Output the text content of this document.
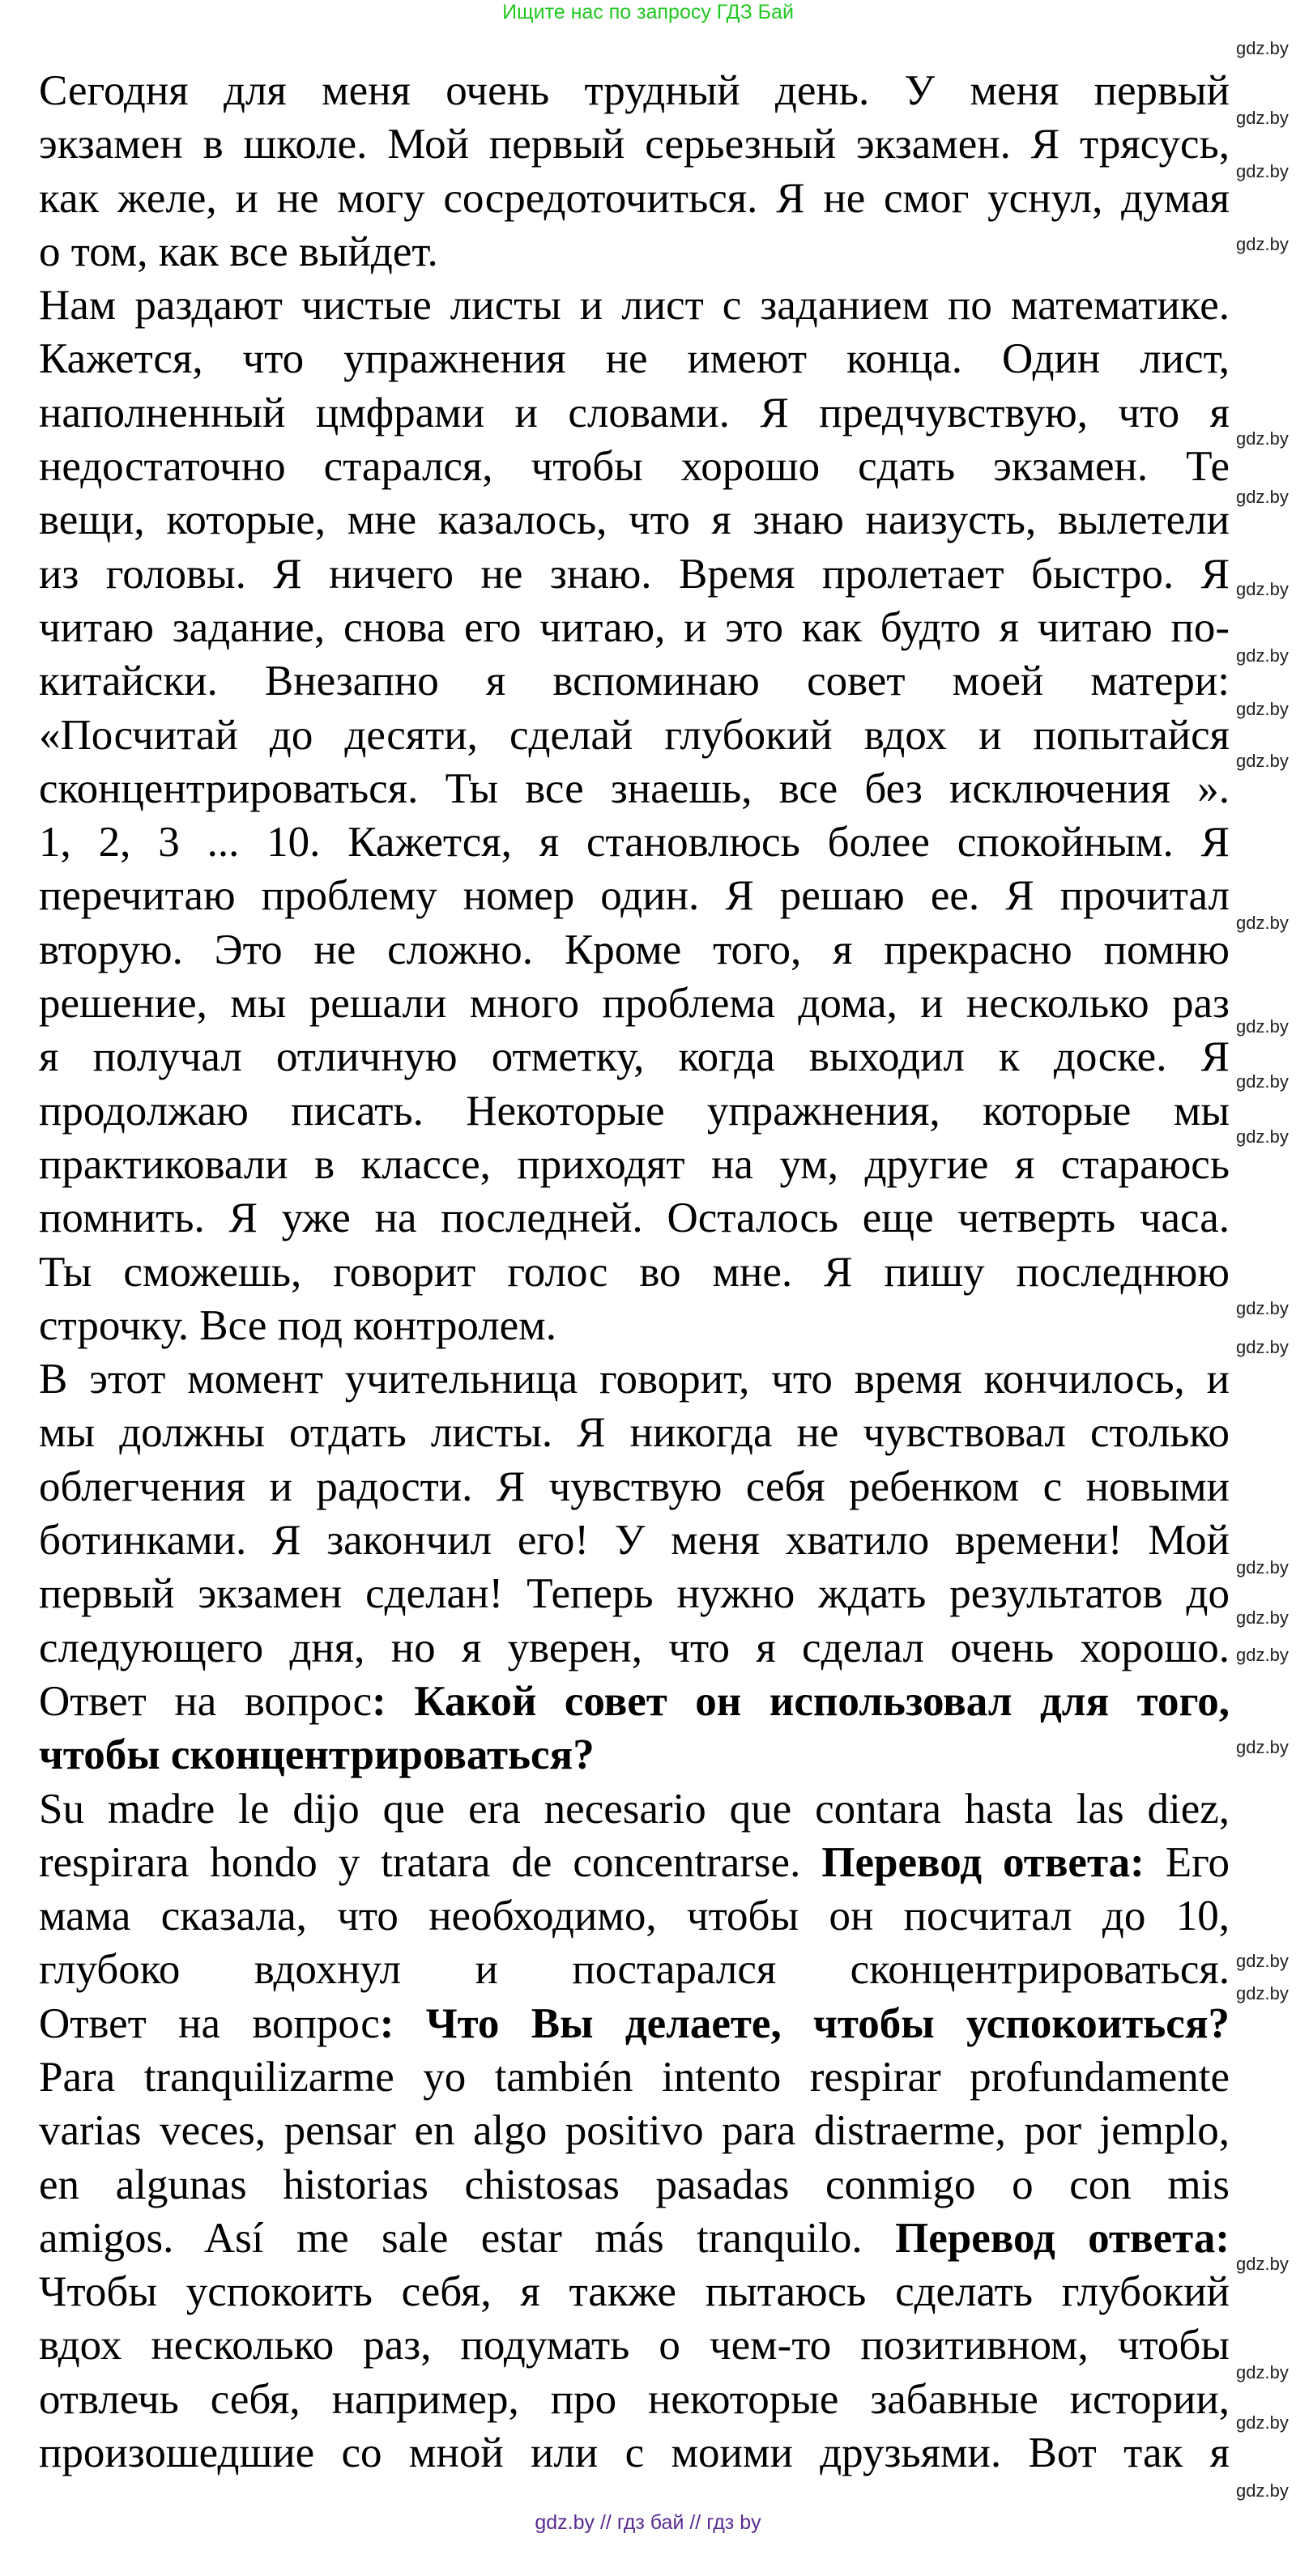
Ищите нас по запросу ГДЗ Бай
Сегодня для меня очень трудный день. У меня первый
экзамен в школе. Мой первый серьезный экзамен. Я трясусь,
как желе, и не могу сосредоточиться. Я не смог уснул, думая
о том, как все выйдет.
Нам раздают чистые листы и лист с заданием по математике.
Кажется, что упражнения не имеют конца. Один лист,
наполненный цмфрами и словами. Я предчувствую, что я
недостаточно старался, чтобы хорошо сдать экзамен. Те
вещи, которые, мне казалось, что я знаю наизусть, вылетели
из головы. Я ничего не знаю. Время пролетает быстро. Я
читаю задание, снова его читаю, и это как будто я читаю по-
китайски. Внезапно я вспоминаю совет моей матери:
«Посчитай до десяти, сделай глубокий вдох и попытайся
сконцентрироваться. Ты все знаешь, все без исключения ».
1, 2, 3 ... 10. Кажется, я становлюсь более спокойным. Я
перечитаю проблему номер один. Я решаю ее. Я прочитал
вторую. Это не сложно. Кроме того, я прекрасно помню
решение, мы решали много проблема дома, и несколько раз
я получал отличную отметку, когда выходил к доске. Я
продолжаю писать. Некоторые упражнения, которые мы
практиковали в классе, приходят на ум, другие я стараюсь
помнить. Я уже на последней. Осталось еще четверть часа.
Ты сможешь, говорит голос во мне. Я пишу последнюю
строчку. Все под контролем.
В этот момент учительница говорит, что время кончилось, и
мы должны отдать листы. Я никогда не чувствовал столько
облегчения и радости. Я чувствую себя ребенком с новыми
ботинками. Я закончил его! У меня хватило времени! Мой
первый экзамен сделан! Теперь нужно ждать результатов до
следующего дня, но я уверен, что я сделал очень хорошо.
Ответ на вопрос: Какой совет он использовал для того,
чтобы сконцентрироваться?
Su madre le dijo que era necesario que contara hasta las diez,
respirara hondo y tratara de concentrarse. Перевод ответа: Его
мама сказала, что необходимо, чтобы он посчитал до 10,
глубоко вдохнул и постарался сконцентрироваться.
Ответ на вопрос: Что Вы делаете, чтобы успокоиться?
Para tranquilizarme yo también intento respirar profundamente
varias veces, pensar en algo positivo para distraerme, por jemplo,
en algunas historias chistosas pasadas conmigo o con mis
amigos. Así me sale estar más tranquilo. Перевод ответа:
Чтобы успокоить себя, я также пытаюсь сделать глубокий
вдох несколько раз, подумать о чем-то позитивном, чтобы
отвлечь себя, например, про некоторые забавные истории,
произошедшие со мной или с моими друзьями. Вот так я
gdz.by
gdz.by
gdz.by
gdz.by
gdz.by
gdz.by
gdz.by
gdz.by
gdz.by
gdz.by
gdz.by
gdz.by
gdz.by
gdz.by
gdz.by
gdz.by
gdz.by
gdz.by
gdz.by
gdz.by
gdz.by
gdz.by
gdz.by
gdz.by
gdz.by
gdz.by
gdz.by // гдз бай // гдз by
